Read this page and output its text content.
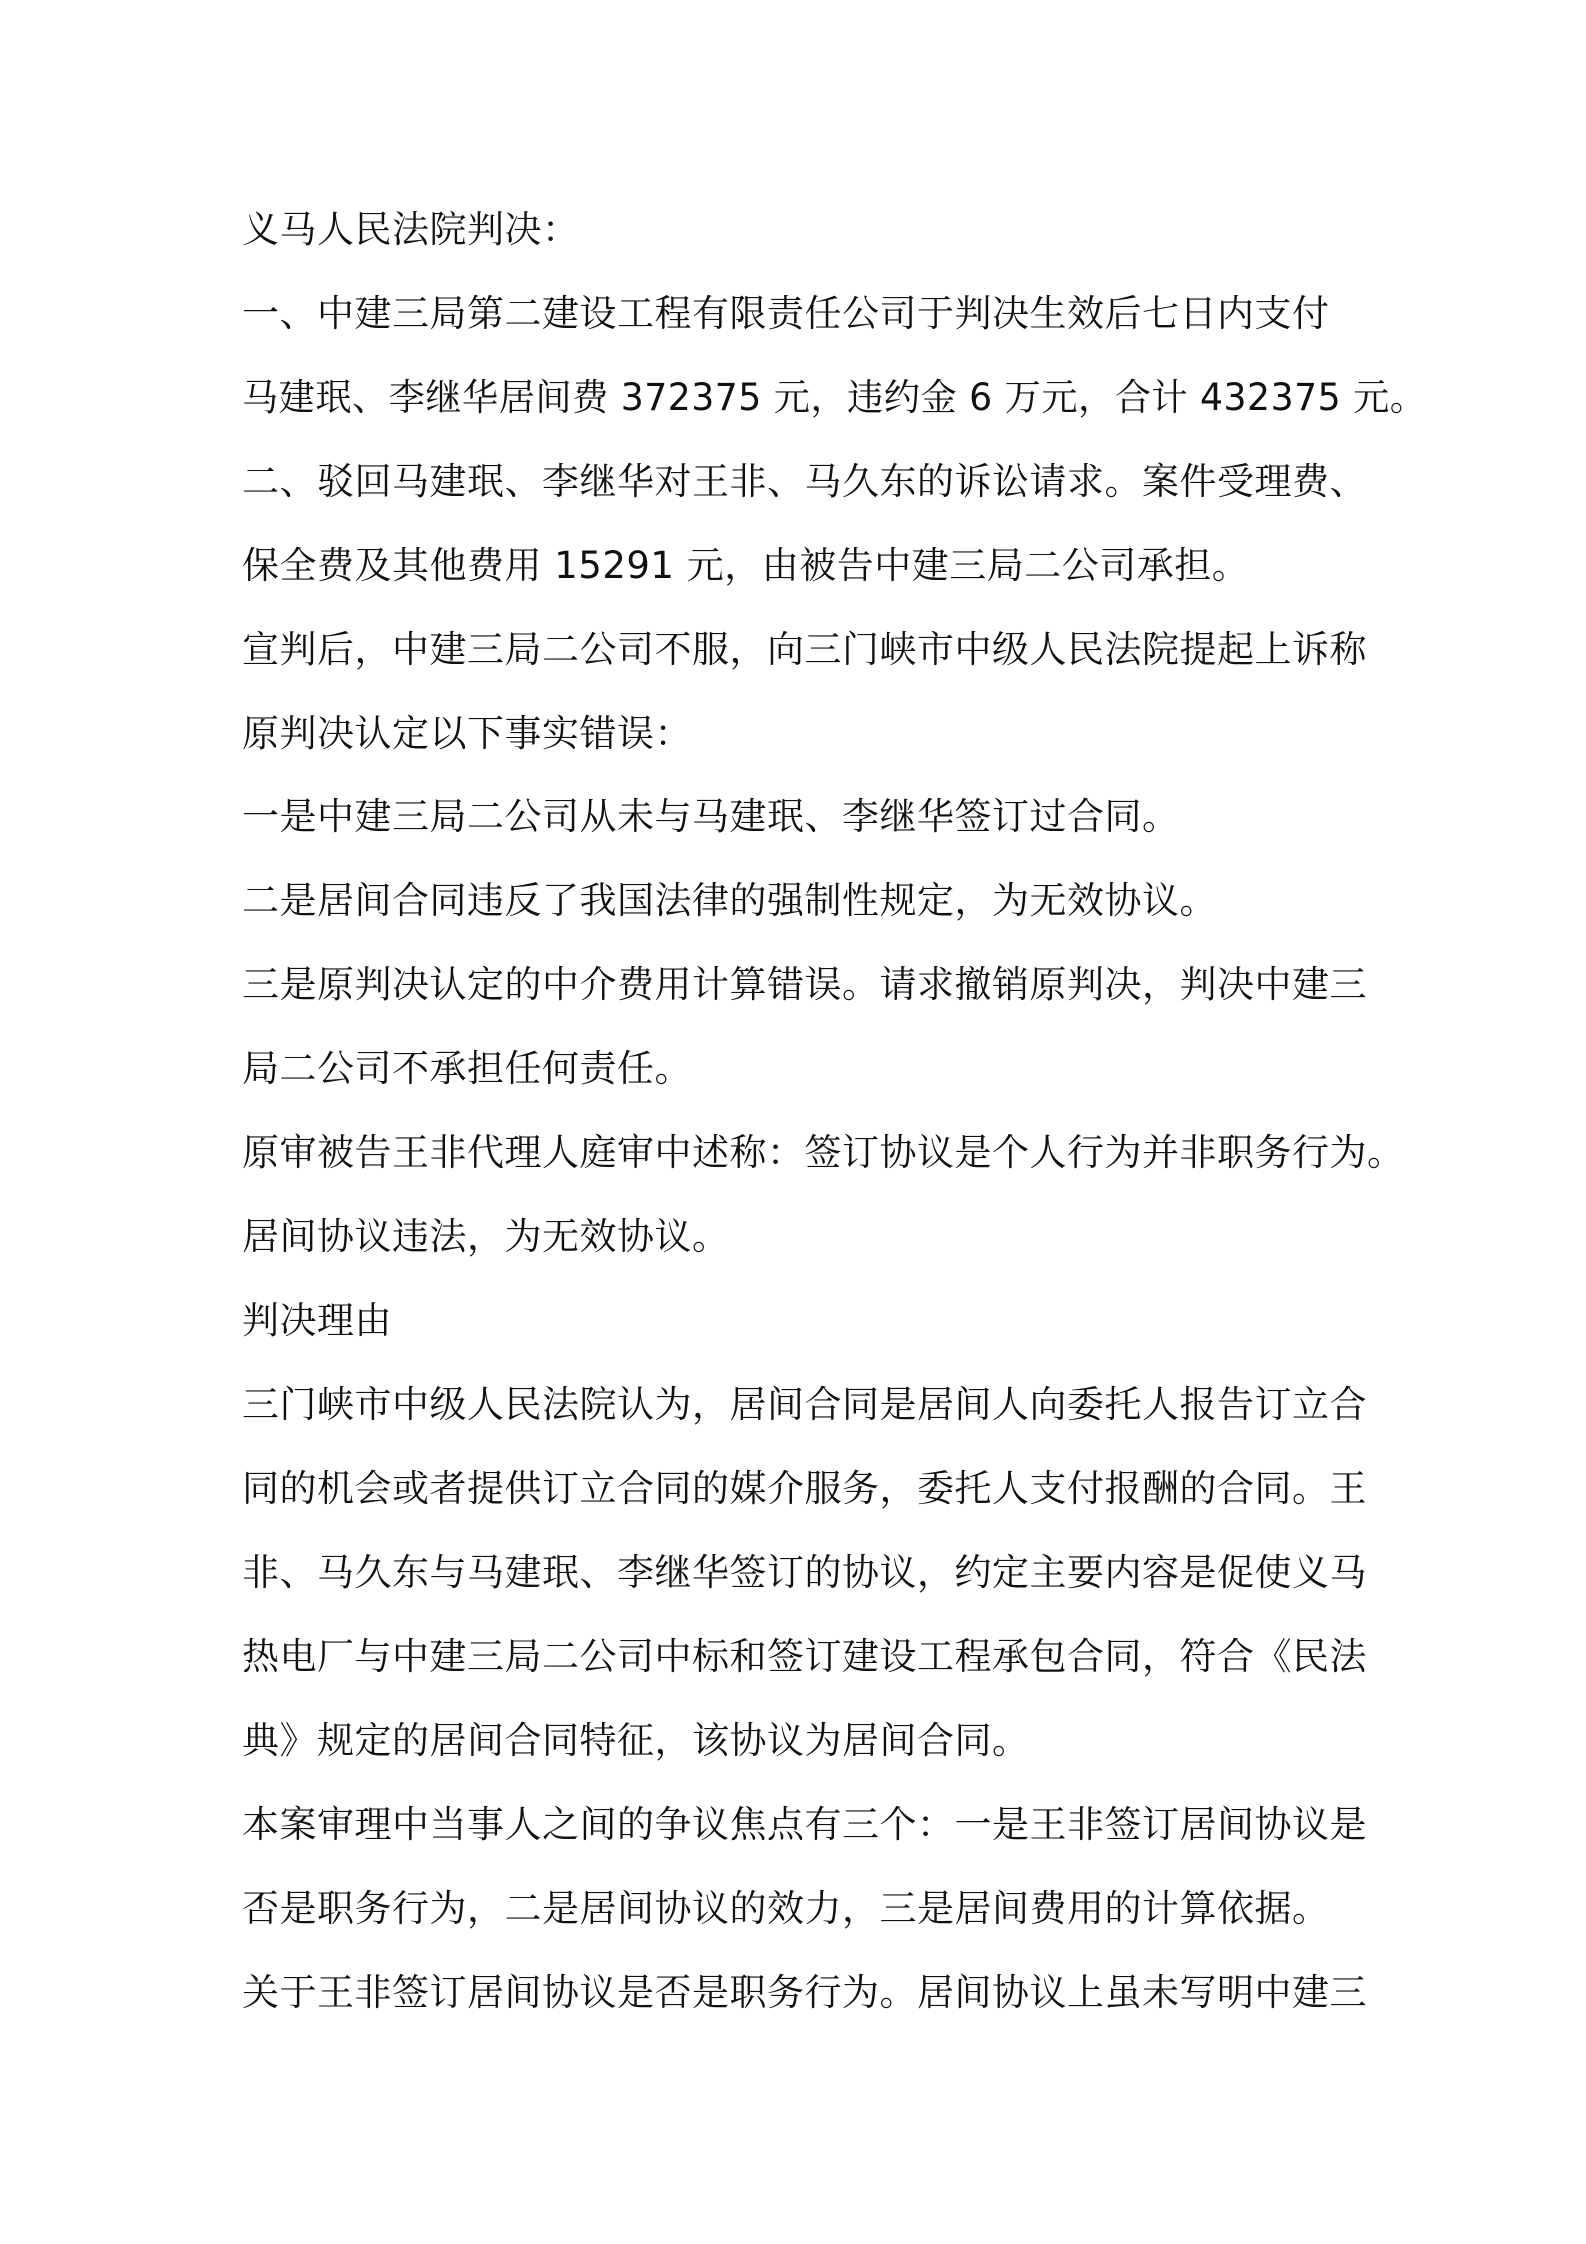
义马人民法院判决：
一、中建三局第二建设工程有限责任公司于判决生效后七日内支付
马建珉、李继华居间费 372375 元，违约金 6 万元，合计 432375 元。
二、驳回马建珉、李继华对王非、马久东的诉讼请求。案件受理费、
保全费及其他费用 15291 元，由被告中建三局二公司承担。
宣判后，中建三局二公司不服，向三门峡市中级人民法院提起上诉称
原判决认定以下事实错误：
一是中建三局二公司从未与马建珉、李继华签订过合同。
二是居间合同违反了我国法律的强制性规定，为无效协议。
三是原判决认定的中介费用计算错误。请求撤销原判决，判决中建三
局二公司不承担任何责任。
原审被告王非代理人庭审中述称：签订协议是个人行为并非职务行为。
居间协议违法，为无效协议。
判决理由
三门峡市中级人民法院认为，居间合同是居间人向委托人报告订立合
同的机会或者提供订立合同的媒介服务，委托人支付报酬的合同。王
非、马久东与马建珉、李继华签订的协议，约定主要内容是促使义马
热电厂与中建三局二公司中标和签订建设工程承包合同，符合《民法
典》规定的居间合同特征，该协议为居间合同。
本案审理中当事人之间的争议焦点有三个：一是王非签订居间协议是
否是职务行为，二是居间协议的效力，三是居间费用的计算依据。
关于王非签订居间协议是否是职务行为。居间协议上虽未写明中建三
